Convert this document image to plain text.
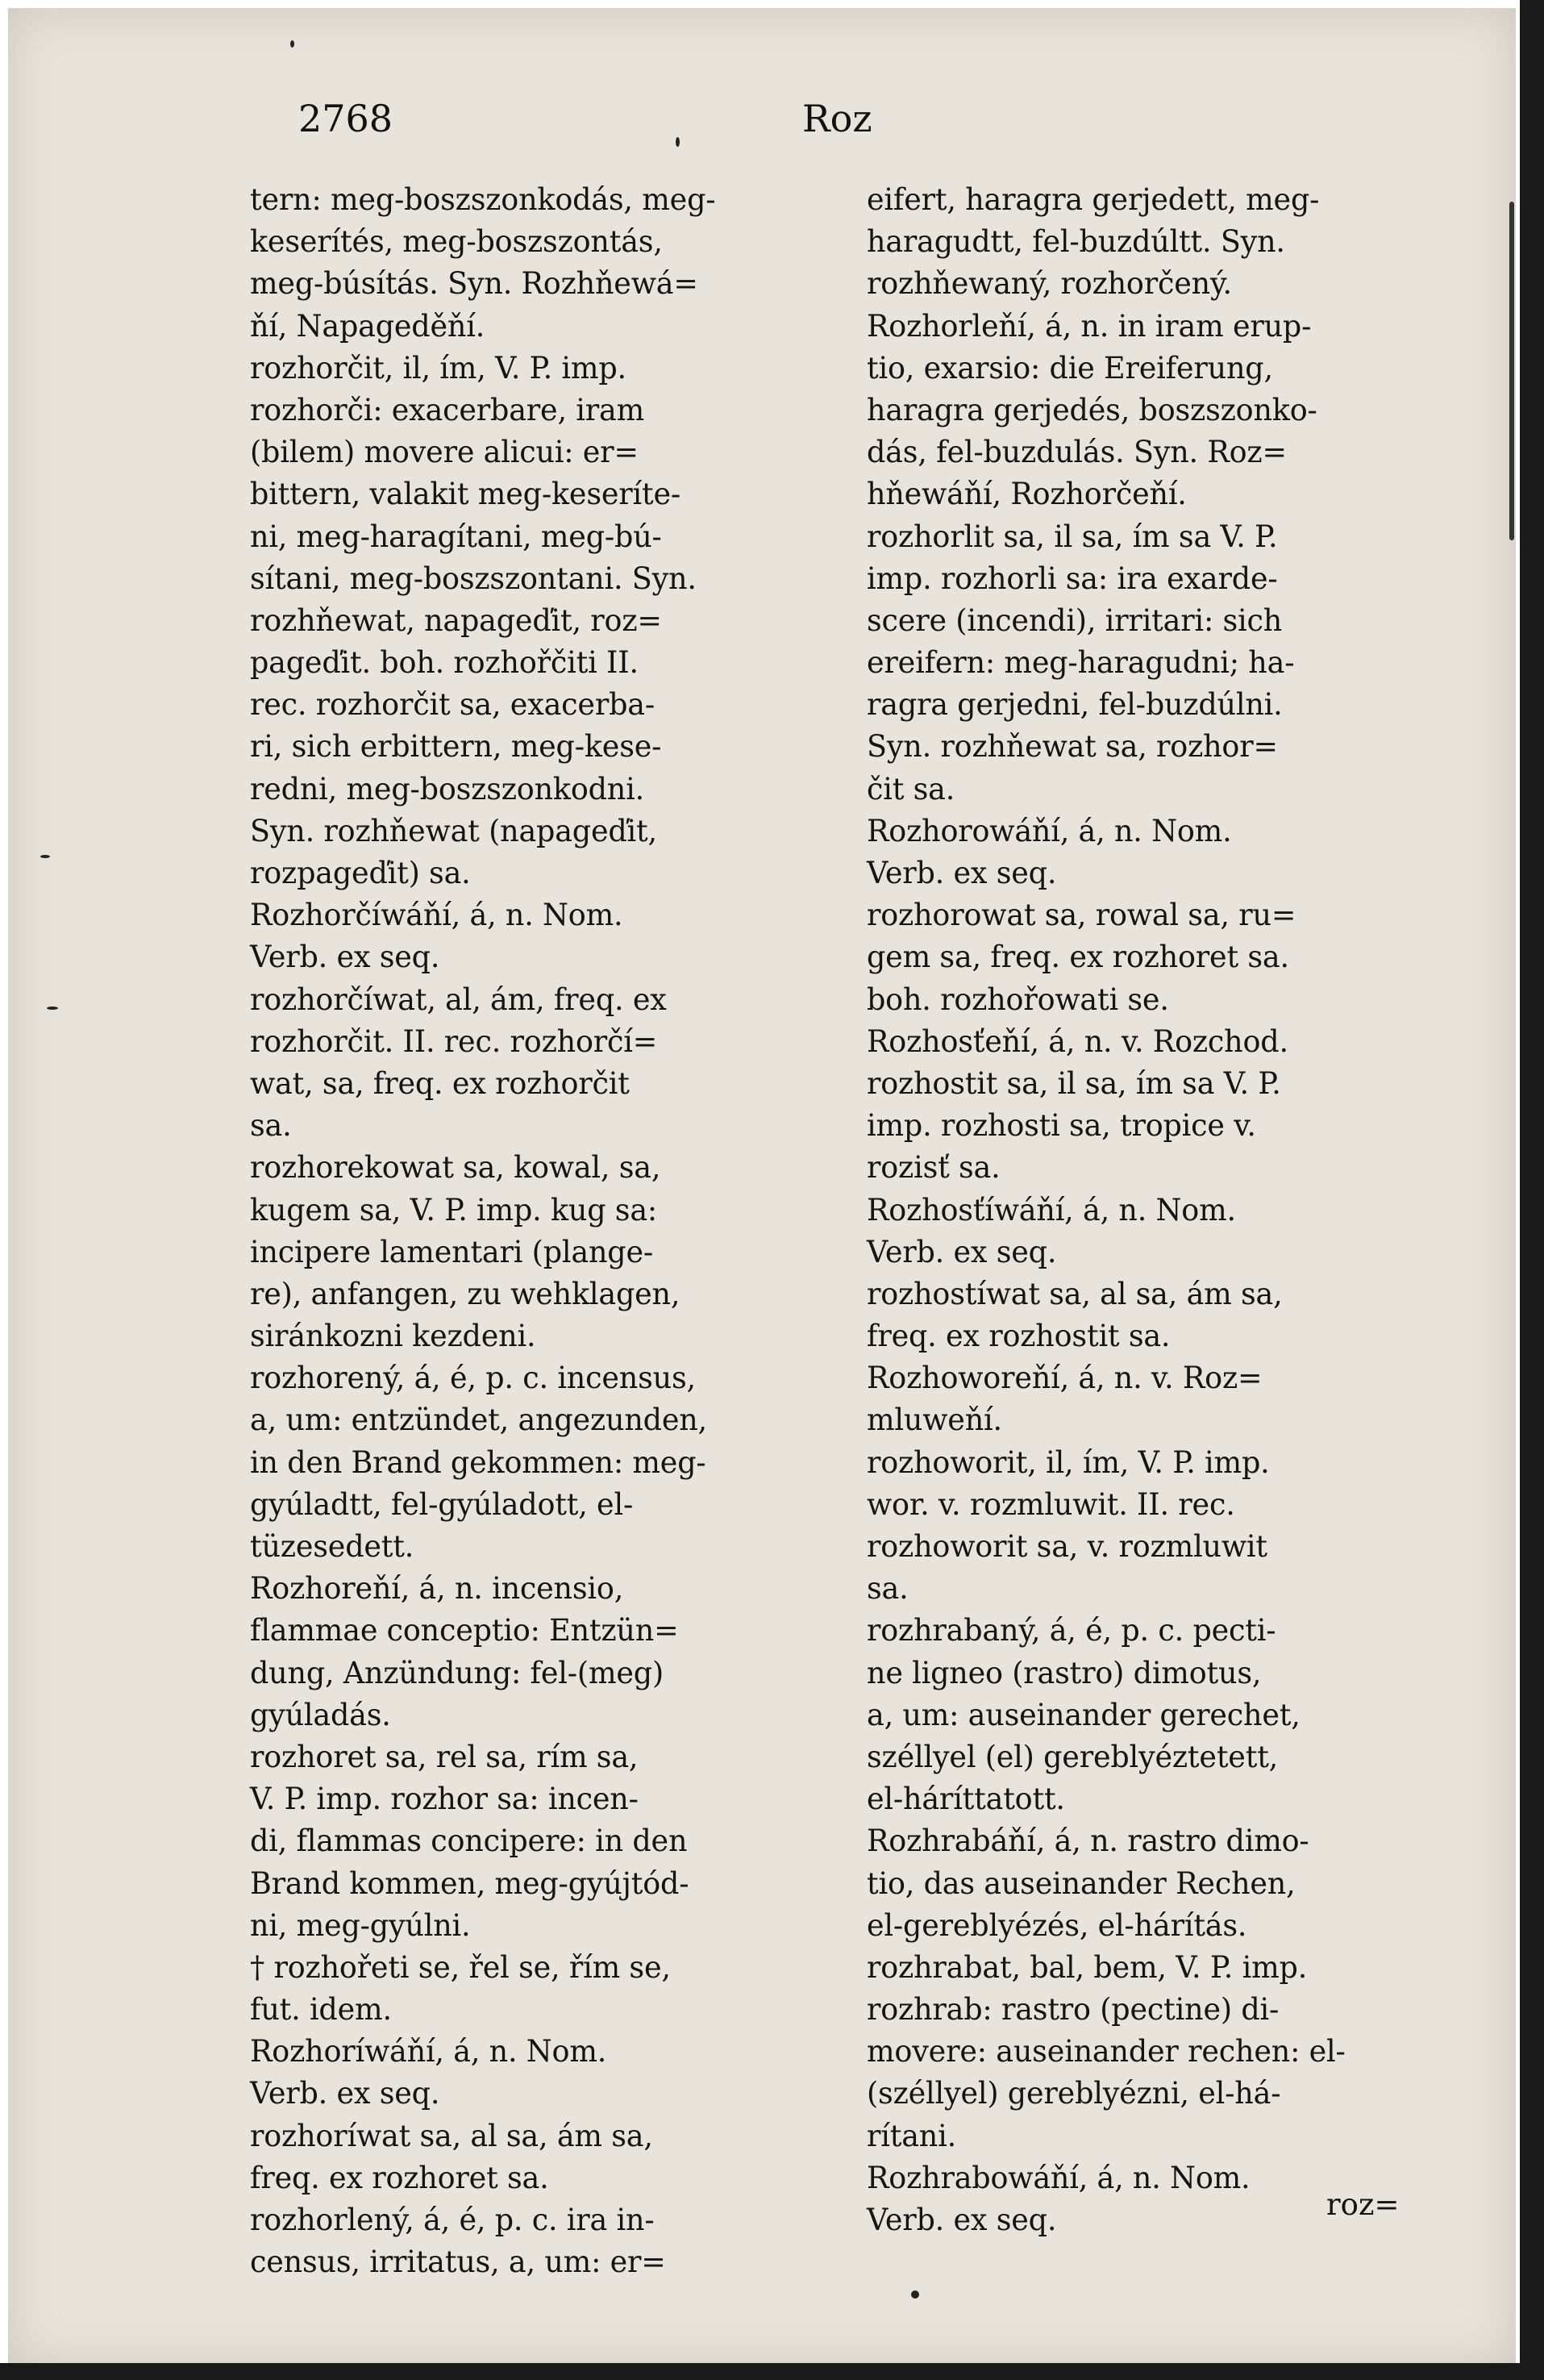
2768	Roz
tern: meg-boszszonkodás, meg-
keserítés, meg-boszszontás,
meg-búsítás. Syn. Rozhňewá=
ňí, Napageděňí.
rozhorčit, il, ím, V. P. imp.
rozhorči: exacerbare, iram
(bilem) movere alicui: er=
bittern, valakit meg-keseríte-
ni, meg-haragítani, meg-bú-
sítani, meg-boszszontani. Syn.
rozhňewat, napageďit, roz=
pageďit. boh. rozhořčiti II.
rec. rozhorčit sa, exacerba-
ri, sich erbittern, meg-kese-
redni, meg-boszszonkodni.
Syn. rozhňewat (napageďit,
rozpageďit) sa.
Rozhorčíwáňí, á, n. Nom.
Verb. ex seq.
rozhorčíwat, al, ám, freq. ex
rozhorčit. II. rec. rozhorčí=
wat, sa, freq. ex rozhorčit
sa.
rozhorekowat sa, kowal, sa,
kugem sa, V. P. imp. kug sa:
incipere lamentari (plange-
re), anfangen, zu wehklagen,
siránkozni kezdeni.
rozhorený, á, é, p. c. incensus,
a, um: entzündet, angezunden,
in den Brand gekommen: meg-
gyúladtt, fel-gyúladott, el-
tüzesedett.
Rozhoreňí, á, n. incensio,
flammae conceptio: Entzün=
dung, Anzündung: fel-(meg)
gyúladás.
rozhoret sa, rel sa, rím sa,
V. P. imp. rozhor sa: incen-
di, flammas concipere: in den
Brand kommen, meg-gyújtód-
ni, meg-gyúlni.
† rozhořeti se, řel se, řím se,
fut. idem.
Rozhoríwáňí, á, n. Nom.
Verb. ex seq.
rozhoríwat sa, al sa, ám sa,
freq. ex rozhoret sa.
rozhorlený, á, é, p. c. ira in-
census, irritatus, a, um: er=
eifert, haragra gerjedett, meg-
haragudtt, fel-buzdúltt. Syn.
rozhňewaný, rozhorčený.
Rozhorleňí, á, n. in iram erup-
tio, exarsio: die Ereiferung,
haragra gerjedés, boszszonko-
dás, fel-buzdulás. Syn. Roz=
hňewáňí, Rozhorčeňí.
rozhorlit sa, il sa, ím sa V. P.
imp. rozhorli sa: ira exarde-
scere (incendi), irritari: sich
ereifern: meg-haragudni; ha-
ragra gerjedni, fel-buzdúlni.
Syn. rozhňewat sa, rozhor=
čit sa.
Rozhorowáňí, á, n. Nom.
Verb. ex seq.
rozhorowat sa, rowal sa, ru=
gem sa, freq. ex rozhoret sa.
boh. rozhořowati se.
Rozhosťeňí, á, n. v. Rozchod.
rozhostit sa, il sa, ím sa V. P.
imp. rozhosti sa, tropice v.
rozisť sa.
Rozhosťíwáňí, á, n. Nom.
Verb. ex seq.
rozhostíwat sa, al sa, ám sa,
freq. ex rozhostit sa.
Rozhoworeňí, á, n. v. Roz=
mluweňí.
rozhoworit, il, ím, V. P. imp.
wor. v. rozmluwit. II. rec.
rozhoworit sa, v. rozmluwit
sa.
rozhrabaný, á, é, p. c. pecti-
ne ligneo (rastro) dimotus,
a, um: auseinander gerechet,
széllyel (el) gereblyéztetett,
el-háríttatott.
Rozhrabáňí, á, n. rastro dimo-
tio, das auseinander Rechen,
el-gereblyézés, el-hárítás.
rozhrabat, bal, bem, V. P. imp.
rozhrab: rastro (pectine) di-
movere: auseinander rechen: el-
(széllyel) gereblyézni, el-há-
rítani.
Rozhrabowáňí, á, n. Nom.
Verb. ex seq.	roz=
